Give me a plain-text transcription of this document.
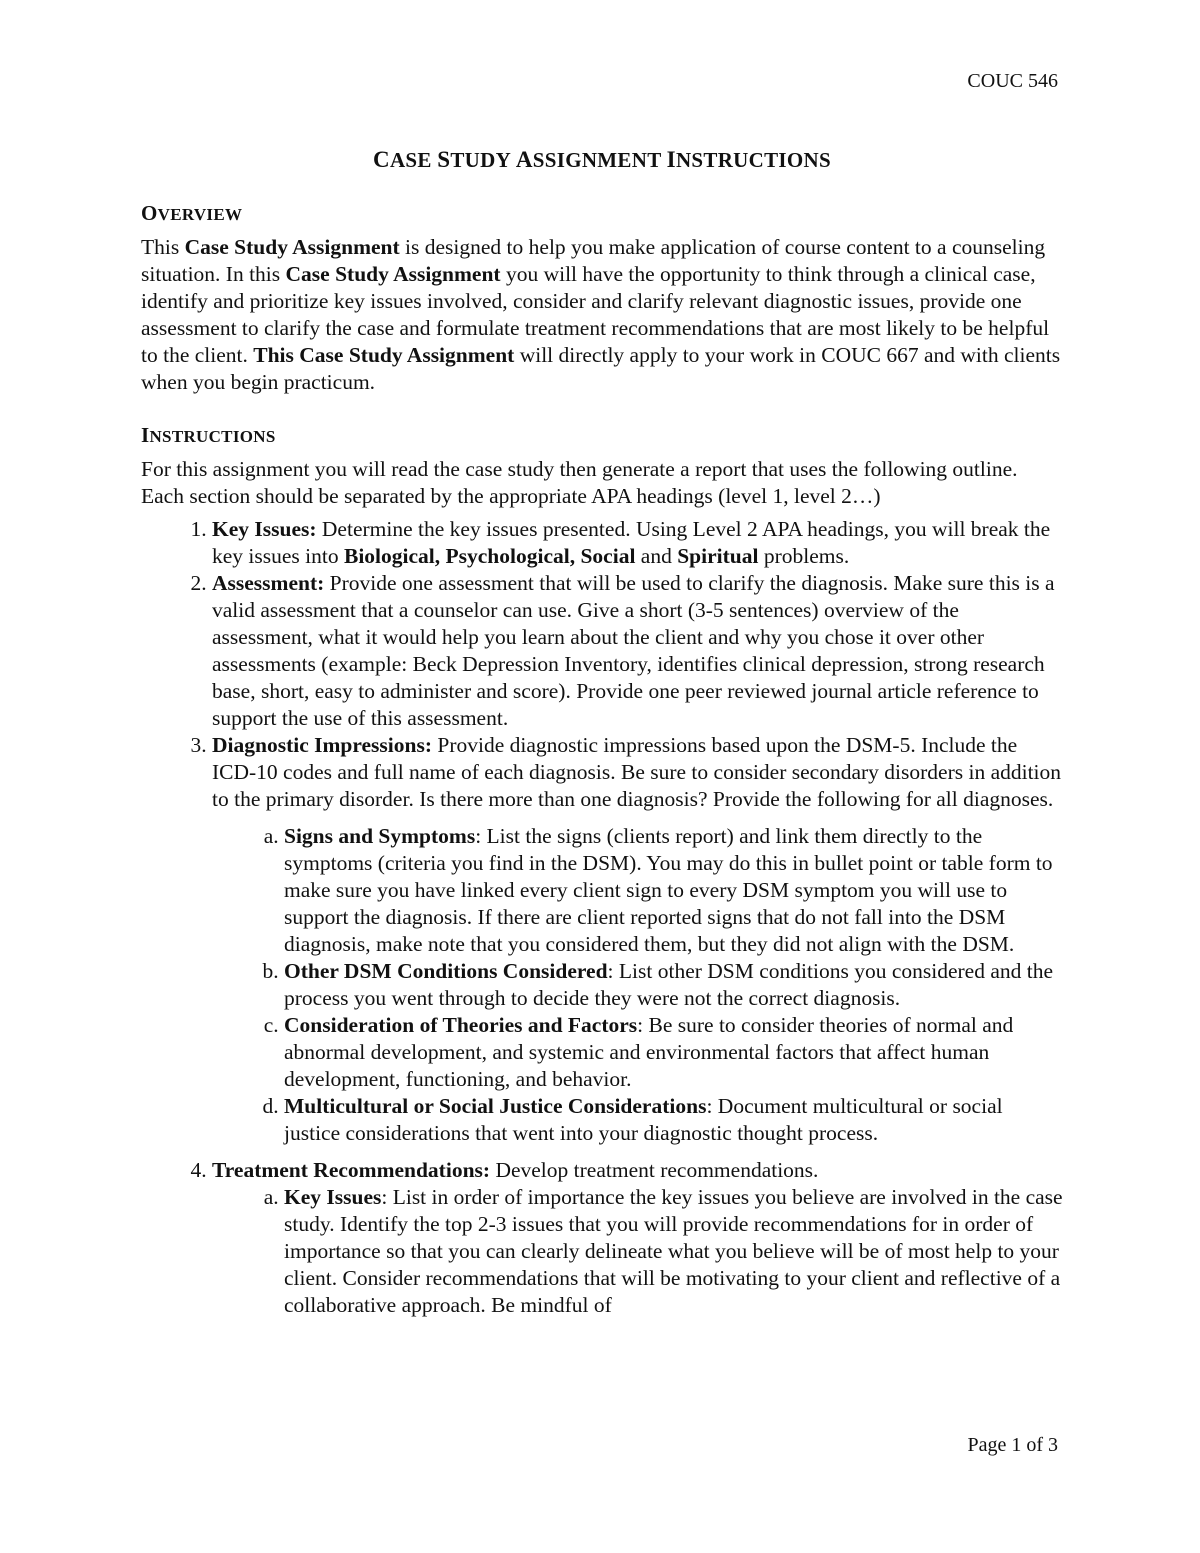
COUC 546
CASE STUDY ASSIGNMENT INSTRUCTIONS
OVERVIEW

This Case Study Assignment is designed to help you make application of course content to a counseling situation. In this Case Study Assignment you will have the opportunity to think through a clinical case, identify and prioritize key issues involved, consider and clarify relevant diagnostic issues, provide one assessment to clarify the case and formulate treatment recommendations that are most likely to be helpful to the client. This Case Study Assignment will directly apply to your work in COUC 667 and with clients when you begin practicum.

INSTRUCTIONS

For this assignment you will read the case study then generate a report that uses the following outline. Each section should be separated by the appropriate APA headings (level 1, level 2…)

1. Key Issues: Determine the key issues presented. Using Level 2 APA headings, you will break the key issues into Biological, Psychological, Social and Spiritual problems.
2. Assessment: Provide one assessment that will be used to clarify the diagnosis. Make sure this is a valid assessment that a counselor can use. Give a short (3-5 sentences) overview of the assessment, what it would help you learn about the client and why you chose it over other assessments (example: Beck Depression Inventory, identifies clinical depression, strong research base, short, easy to administer and score). Provide one peer reviewed journal article reference to support the use of this assessment.
3. Diagnostic Impressions: Provide diagnostic impressions based upon the DSM-5. Include the ICD-10 codes and full name of each diagnosis. Be sure to consider secondary disorders in addition to the primary disorder. Is there more than one diagnosis? Provide the following for all diagnoses.
a. Signs and Symptoms: List the signs (clients report) and link them directly to the symptoms (criteria you find in the DSM). You may do this in bullet point or table form to make sure you have linked every client sign to every DSM symptom you will use to support the diagnosis. If there are client reported signs that do not fall into the DSM diagnosis, make note that you considered them, but they did not align with the DSM.
b. Other DSM Conditions Considered: List other DSM conditions you considered and the process you went through to decide they were not the correct diagnosis.
c. Consideration of Theories and Factors: Be sure to consider theories of normal and abnormal development, and systemic and environmental factors that affect human development, functioning, and behavior.
d. Multicultural or Social Justice Considerations: Document multicultural or social justice considerations that went into your diagnostic thought process.
4. Treatment Recommendations: Develop treatment recommendations.
a. Key Issues: List in order of importance the key issues you believe are involved in the case study. Identify the top 2-3 issues that you will provide recommendations for in order of importance so that you can clearly delineate what you believe will be of most help to your client. Consider recommendations that will be motivating to your client and reflective of a collaborative approach. Be mindful of
Page 1 of 3
